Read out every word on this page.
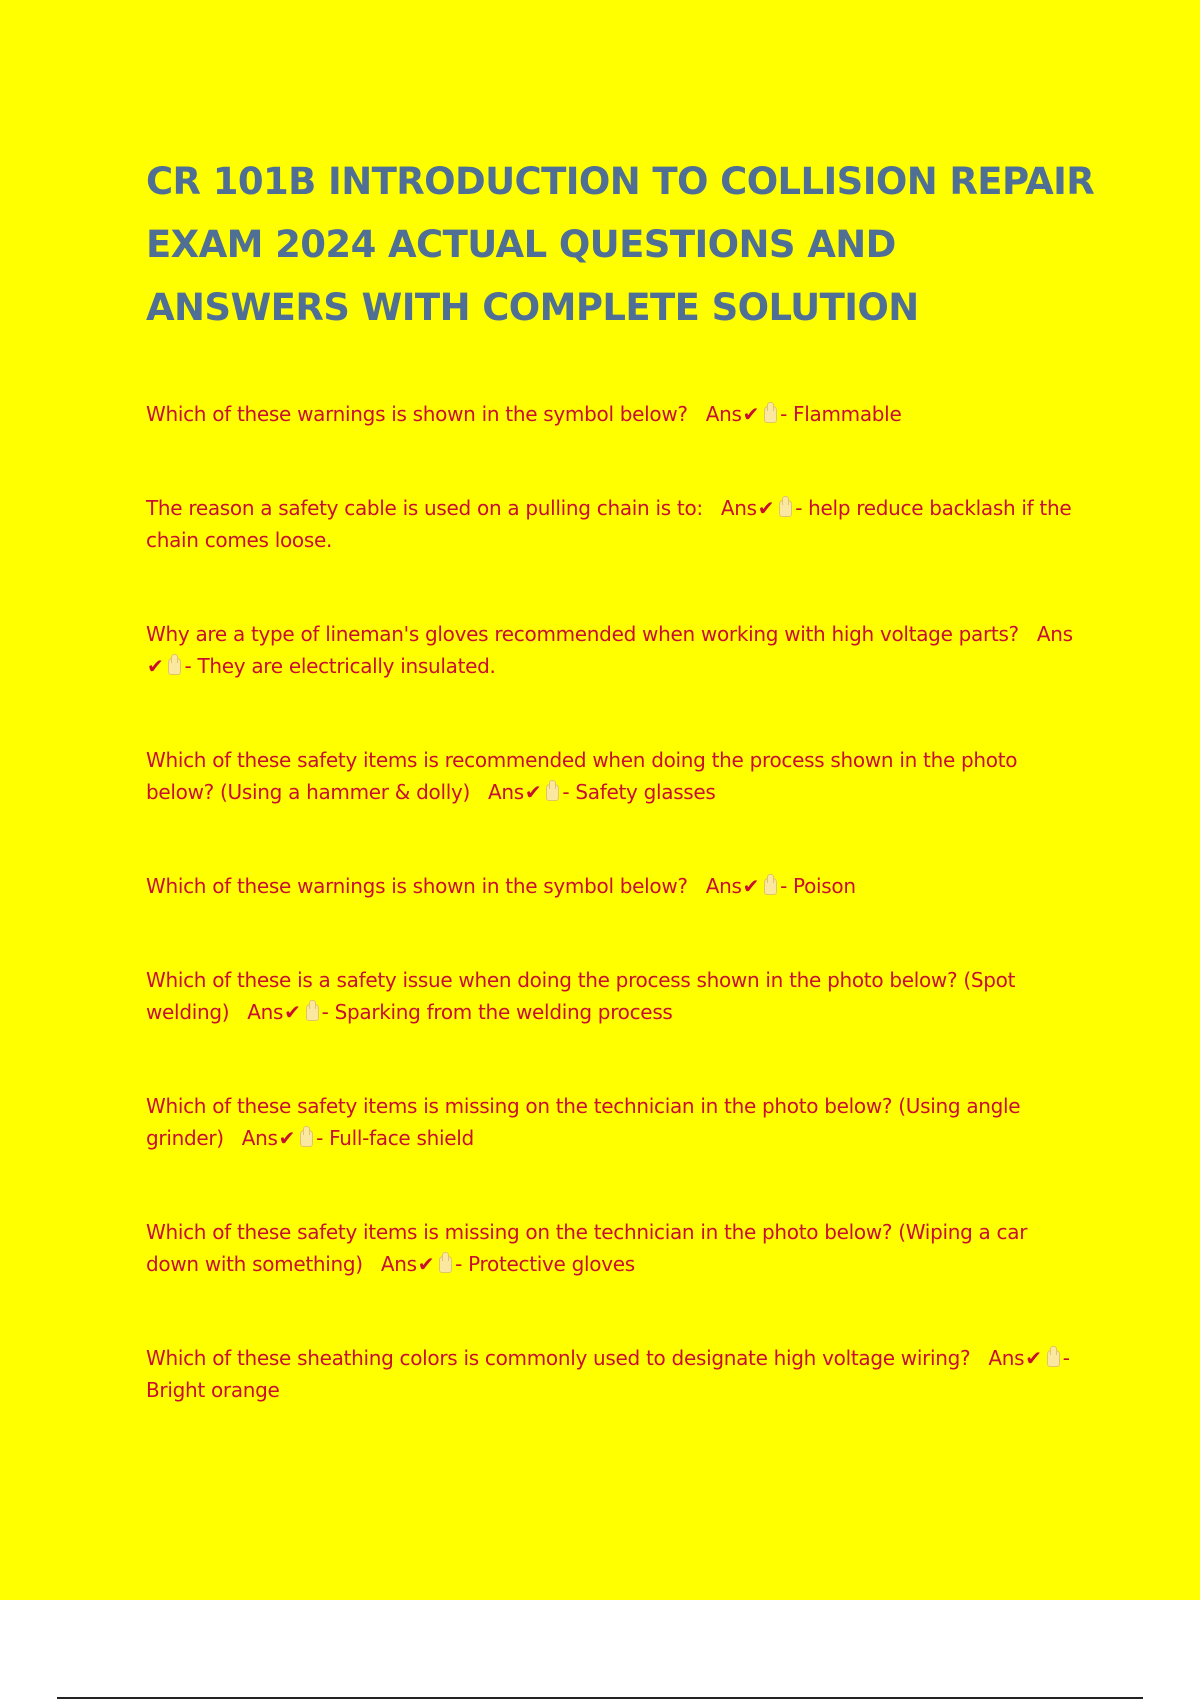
CR 101B INTRODUCTION TO COLLISION REPAIR EXAM 2024 ACTUAL QUESTIONS AND ANSWERS WITH COMPLETE SOLUTION
Which of these warnings is shown in the symbol below? Ans✔ - Flammable
The reason a safety cable is used on a pulling chain is to: Ans✔ - help reduce backlash if the chain comes loose.
Why are a type of lineman's gloves recommended when working with high voltage parts? Ans✔ - They are electrically insulated.
Which of these safety items is recommended when doing the process shown in the photo below? (Using a hammer & dolly) Ans✔ - Safety glasses
Which of these warnings is shown in the symbol below? Ans✔ - Poison
Which of these is a safety issue when doing the process shown in the photo below? (Spot welding) Ans✔ - Sparking from the welding process
Which of these safety items is missing on the technician in the photo below? (Using angle grinder) Ans✔ - Full-face shield
Which of these safety items is missing on the technician in the photo below? (Wiping a car down with something) Ans✔ - Protective gloves
Which of these sheathing colors is commonly used to designate high voltage wiring? Ans✔ - Bright orange
